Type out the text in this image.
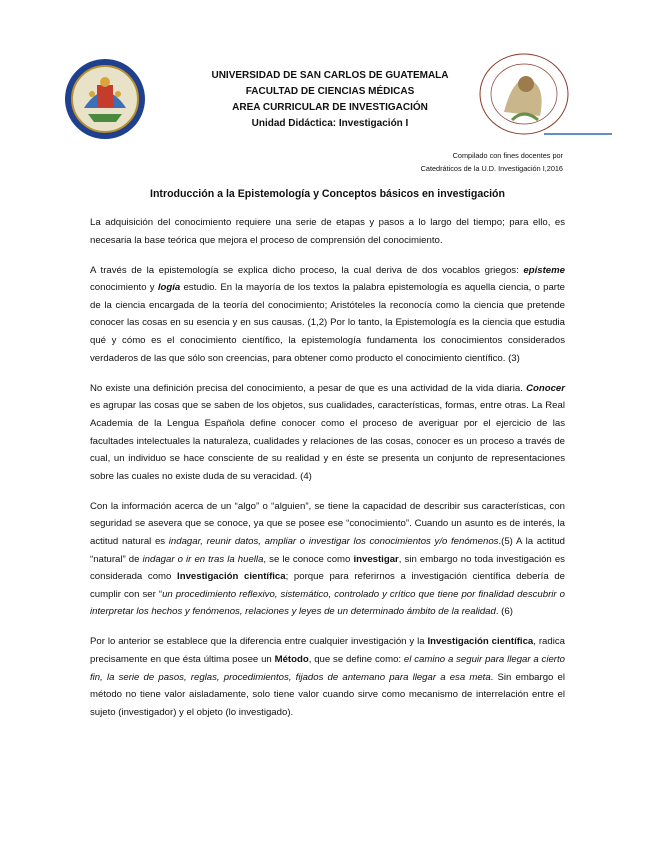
UNIVERSIDAD DE SAN CARLOS DE GUATEMALA
FACULTAD DE CIENCIAS MÉDICAS
AREA CURRICULAR DE INVESTIGACIÓN
Unidad Didáctica: Investigación I
Compilado con fines docentes por
Catedráticos de la U.D. Investigación I,2016
Introducción a la Epistemología y Conceptos básicos en investigación

La adquisición del conocimiento requiere una serie de etapas y pasos a lo largo del tiempo; para ello, es necesaria la base teórica que mejora el proceso de comprensión del conocimiento.

A través de la epistemología se explica dicho proceso, la cual deriva de dos vocablos griegos: episteme conocimiento y logía estudio. En la mayoría de los textos la palabra epistemología es aquella ciencia, o parte de la ciencia encargada de la teoría del conocimiento; Aristóteles la reconocía como la ciencia que pretende conocer las cosas en su esencia y en sus causas. (1,2) Por lo tanto, la Epistemología es la ciencia que estudia qué y cómo es el conocimiento científico, la epistemología fundamenta los conocimientos considerados verdaderos de las que sólo son creencias, para obtener como producto el conocimiento científico. (3)

No existe una definición precisa del conocimiento, a pesar de que es una actividad de la vida diaria. Conocer es agrupar las cosas que se saben de los objetos, sus cualidades, características, formas, entre otras. La Real Academia de la Lengua Española define conocer como el proceso de averiguar por el ejercicio de las facultades intelectuales la naturaleza, cualidades y relaciones de las cosas, conocer es un proceso a través de cual, un individuo se hace consciente de su realidad y en éste se presenta un conjunto de representaciones sobre las cuales no existe duda de su veracidad. (4)

Con la información acerca de un “algo” o “alguien”, se tiene la capacidad de describir sus características, con seguridad se asevera que se conoce, ya que se posee ese “conocimiento”. Cuando un asunto es de interés, la actitud natural es indagar, reunir datos, ampliar o investigar los conocimientos y/o fenómenos.(5) A la actitud “natural” de indagar o ir en tras la huella, se le conoce como investigar, sin embargo no toda investigación es considerada como Investigación científica; porque para referirnos a investigación científica debería de cumplir con ser “un procedimiento reflexivo, sistemático, controlado y crítico que tiene por finalidad descubrir o interpretar los hechos y fenómenos, relaciones y leyes de un determinado ámbito de la realidad. (6)

Por lo anterior se establece que la diferencia entre cualquier investigación y la Investigación científica, radica precisamente en que ésta última posee un Método, que se define como: el camino a seguir para llegar a cierto fin, la serie de pasos, reglas, procedimientos, fijados de antemano para llegar a esa meta. Sin embargo el método no tiene valor aisladamente, solo tiene valor cuando sirve como mecanismo de interrelación entre el sujeto (investigador) y el objeto (lo investigado).
